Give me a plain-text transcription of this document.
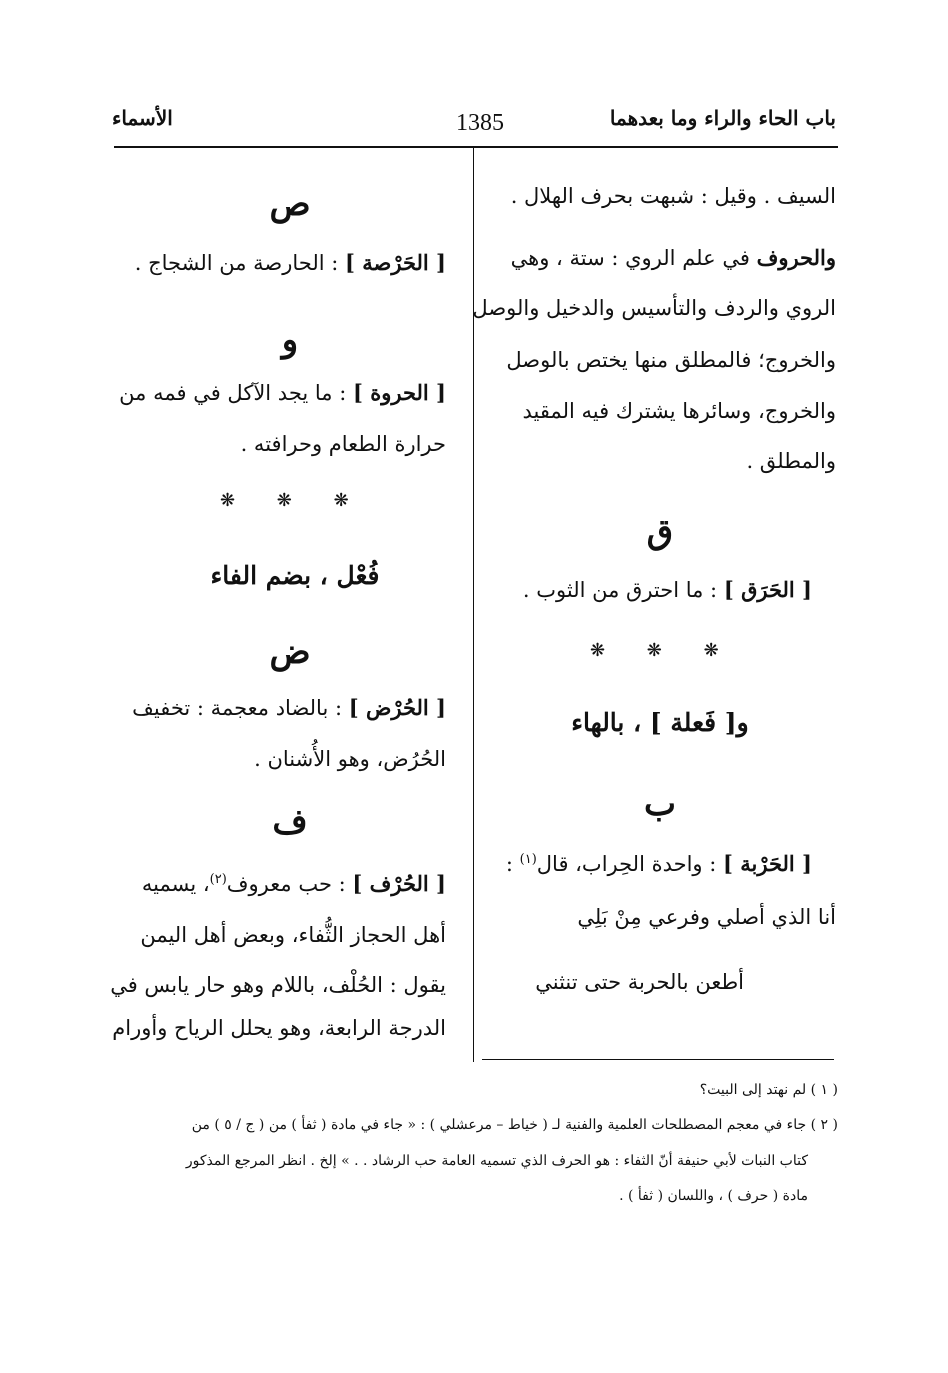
باب الحاء والراء وما بعدهما
1385
الأسماء
السيف . وقيل : شبهت بحرف الهلال .
والحروف في علم الروي : ستة ، وهي
الروي والردف والتأسيس والدخيل والوصل
والخروج؛ فالمطلق منها يختص بالوصل
والخروج، وسائرها يشترك فيه المقيد
والمطلق .
ق
[ الحَرَق ] : ما احترق من الثوب .
❋ ❋ ❋
و[ فَعلة ] ، بالهاء
ب
[ الحَرْبة ] : واحدة الحِراب، قال$^{(١)}$ :
أنا الذي أصلي وفرعي مِنْ بَلِي
أطعن بالحربة حتى تنثني
ص
[ الحَرْصة ] : الحارصة من الشجاج .
و
[ الحروة ] : ما يجد الآكل في فمه من
حرارة الطعام وحرافته .
❋ ❋ ❋
فُعْل ، بضم الفاء
ض
[ الحُرْض ] : بالضاد معجمة : تخفيف
الحُرُض، وهو الأُشنان .
ف
[ الحُرْف ] : حب معروف$^{(٢)}$، يسميه
أهل الحجاز الثُّفاء، وبعض أهل اليمن
يقول : الحُلْف، باللام وهو حار يابس في
الدرجة الرابعة، وهو يحلل الرياح وأورام
( ١ ) لم نهتد إلى البيت؟
( ٢ ) جاء في معجم المصطلحات العلمية والفنية لـ ( خياط – مرعشلي ) : « جاء في مادة ( ثفأ ) من ( ج / ٥ ) من
كتاب النبات لأبي حنيفة أنّ الثفاء : هو الحرف الذي تسميه العامة حب الرشاد . . » إلخ . انظر المرجع المذكور
مادة ( حرف ) ، واللسان ( ثفأ ) .
